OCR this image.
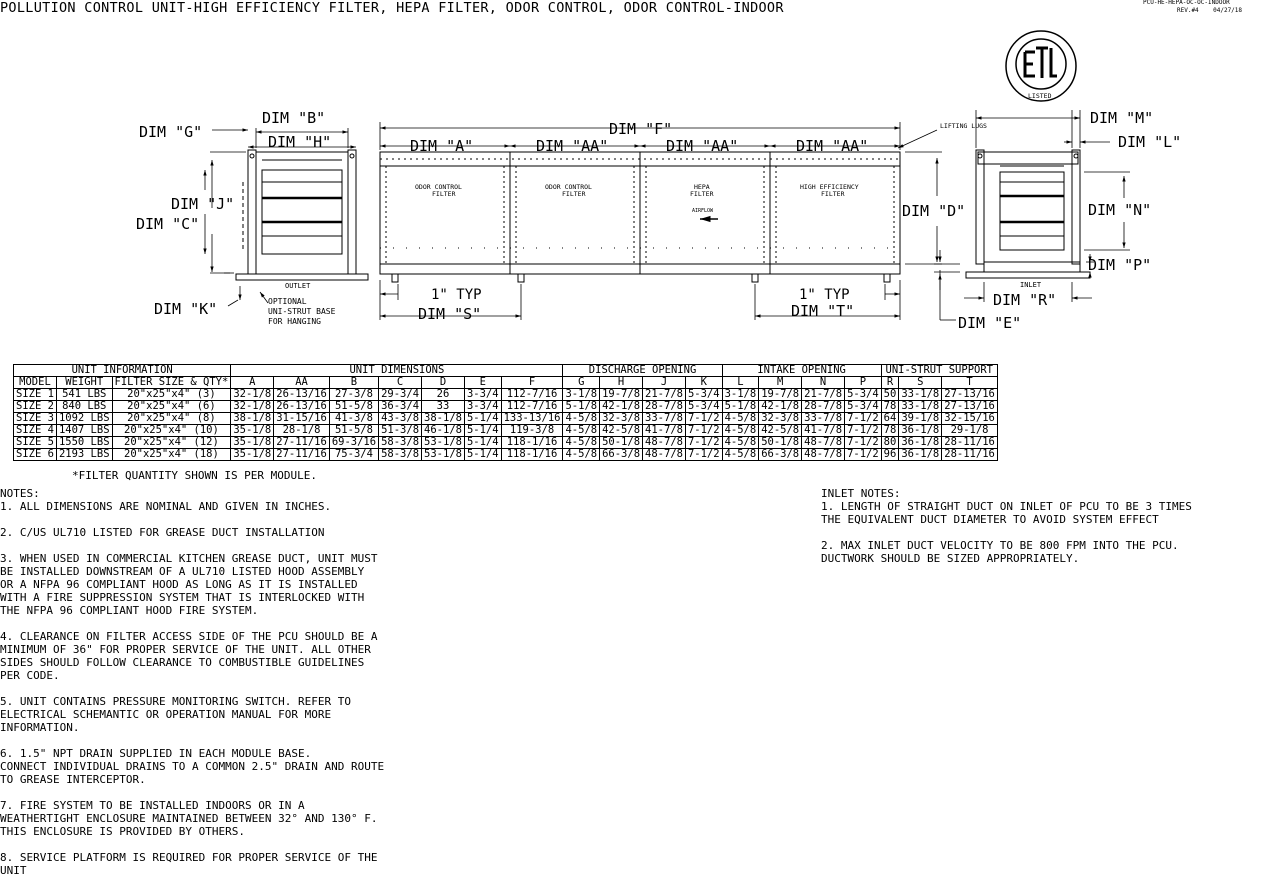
POLLUTION CONTROL UNIT-HIGH EFFICIENCY FILTER, HEPA FILTER, ODOR CONTROL, ODOR CONTROL-INDOOR	PCU-HE-HEPA-OC-OC-INDOOR
REV.#4    04/27/18
LISTED
DIM "G"
DIM "B"
DIM "H"
DIM "J"
DIM "C"
DIM "K"
OUTLET
OPTIONAL
UNI-STRUT BASE
FOR HANGING
DIM "F"
DIM "A"	DIM "AA"	DIM "AA"	DIM "AA"
LIFTING LUGS
DIM "D"
1" TYP
DIM "S"
1" TYP
DIM "T"
ODOR CONTROL
FILTER
ODOR CONTROL
FILTER
HEPA
FILTER
AIRFLOW
HIGH EFFICIENCY
FILTER
DIM "M"
DIM "L"
DIM "N"
DIM "P"
INLET
DIM "R"
DIM "E"
UNIT INFORMATION			UNIT DIMENSIONS							DISCHARGE OPENING				INTAKE OPENING				UNI-STRUT SUPPORT		
MODEL	WEIGHT	FILTER SIZE & QTY*	A	AA	B	C	D	E	F	G	H	J	K	L	M	N	P	R	S	T
SIZE 1	541 LBS	20"x25"x4" (3)	32-1/8	26-13/16	27-3/8	29-3/4	26	3-3/4	112-7/16	3-1/8	19-7/8	21-7/8	5-3/4	3-1/8	19-7/8	21-7/8	5-3/4	50	33-1/8	27-13/16
SIZE 2	840 LBS	20"x25"x4" (6)	32-1/8	26-13/16	51-5/8	36-3/4	33	3-3/4	112-7/16	5-1/8	42-1/8	28-7/8	5-3/4	5-1/8	42-1/8	28-7/8	5-3/4	78	33-1/8	27-13/16
SIZE 3	1092 LBS	20"x25"x4" (8)	38-1/8	31-15/16	41-3/8	43-3/8	38-1/8	5-1/4	133-13/16	4-5/8	32-3/8	33-7/8	7-1/2	4-5/8	32-3/8	33-7/8	7-1/2	64	39-1/8	32-15/16
SIZE 4	1407 LBS	20"x25"x4" (10)	35-1/8	28-1/8	51-5/8	51-3/8	46-1/8	5-1/4	119-3/8	4-5/8	42-5/8	41-7/8	7-1/2	4-5/8	42-5/8	41-7/8	7-1/2	78	36-1/8	29-1/8
SIZE 5	1550 LBS	20"x25"x4" (12)	35-1/8	27-11/16	69-3/16	58-3/8	53-1/8	5-1/4	118-1/16	4-5/8	50-1/8	48-7/8	7-1/2	4-5/8	50-1/8	48-7/8	7-1/2	80	36-1/8	28-11/16
SIZE 6	2193 LBS	20"x25"x4" (18)	35-1/8	27-11/16	75-3/4	58-3/8	53-1/8	5-1/4	118-1/16	4-5/8	66-3/8	48-7/8	7-1/2	4-5/8	66-3/8	48-7/8	7-1/2	96	36-1/8	28-11/16
*FILTER QUANTITY SHOWN IS PER MODULE.
NOTES:
1. ALL DIMENSIONS ARE NOMINAL AND GIVEN IN INCHES.
2. C/US UL710 LISTED FOR GREASE DUCT INSTALLATION
3. WHEN USED IN COMMERCIAL KITCHEN GREASE DUCT, UNIT MUST
BE INSTALLED DOWNSTREAM OF A UL710 LISTED HOOD ASSEMBLY
OR A NFPA 96 COMPLIANT HOOD AS LONG AS IT IS INSTALLED
WITH A FIRE SUPPRESSION SYSTEM THAT IS INTERLOCKED WITH
THE NFPA 96 COMPLIANT HOOD FIRE SYSTEM.
4. CLEARANCE ON FILTER ACCESS SIDE OF THE PCU SHOULD BE A
MINIMUM OF 36" FOR PROPER SERVICE OF THE UNIT. ALL OTHER
SIDES SHOULD FOLLOW CLEARANCE TO COMBUSTIBLE GUIDELINES
PER CODE.
5. UNIT CONTAINS PRESSURE MONITORING SWITCH. REFER TO
ELECTRICAL SCHEMANTIC OR OPERATION MANUAL FOR MORE
INFORMATION.
6. 1.5" NPT DRAIN SUPPLIED IN EACH MODULE BASE.
CONNECT INDIVIDUAL DRAINS TO A COMMON 2.5" DRAIN AND ROUTE
TO GREASE INTERCEPTOR.
7. FIRE SYSTEM TO BE INSTALLED INDOORS OR IN A
WEATHERTIGHT ENCLOSURE MAINTAINED BETWEEN 32° AND 130° F.
THIS ENCLOSURE IS PROVIDED BY OTHERS.
8. SERVICE PLATFORM IS REQUIRED FOR PROPER SERVICE OF THE
UNIT
INLET NOTES:
1. LENGTH OF STRAIGHT DUCT ON INLET OF PCU TO BE 3 TIMES
THE EQUIVALENT DUCT DIAMETER TO AVOID SYSTEM EFFECT
2. MAX INLET DUCT VELOCITY TO BE 800 FPM INTO THE PCU.
DUCTWORK SHOULD BE SIZED APPROPRIATELY.
